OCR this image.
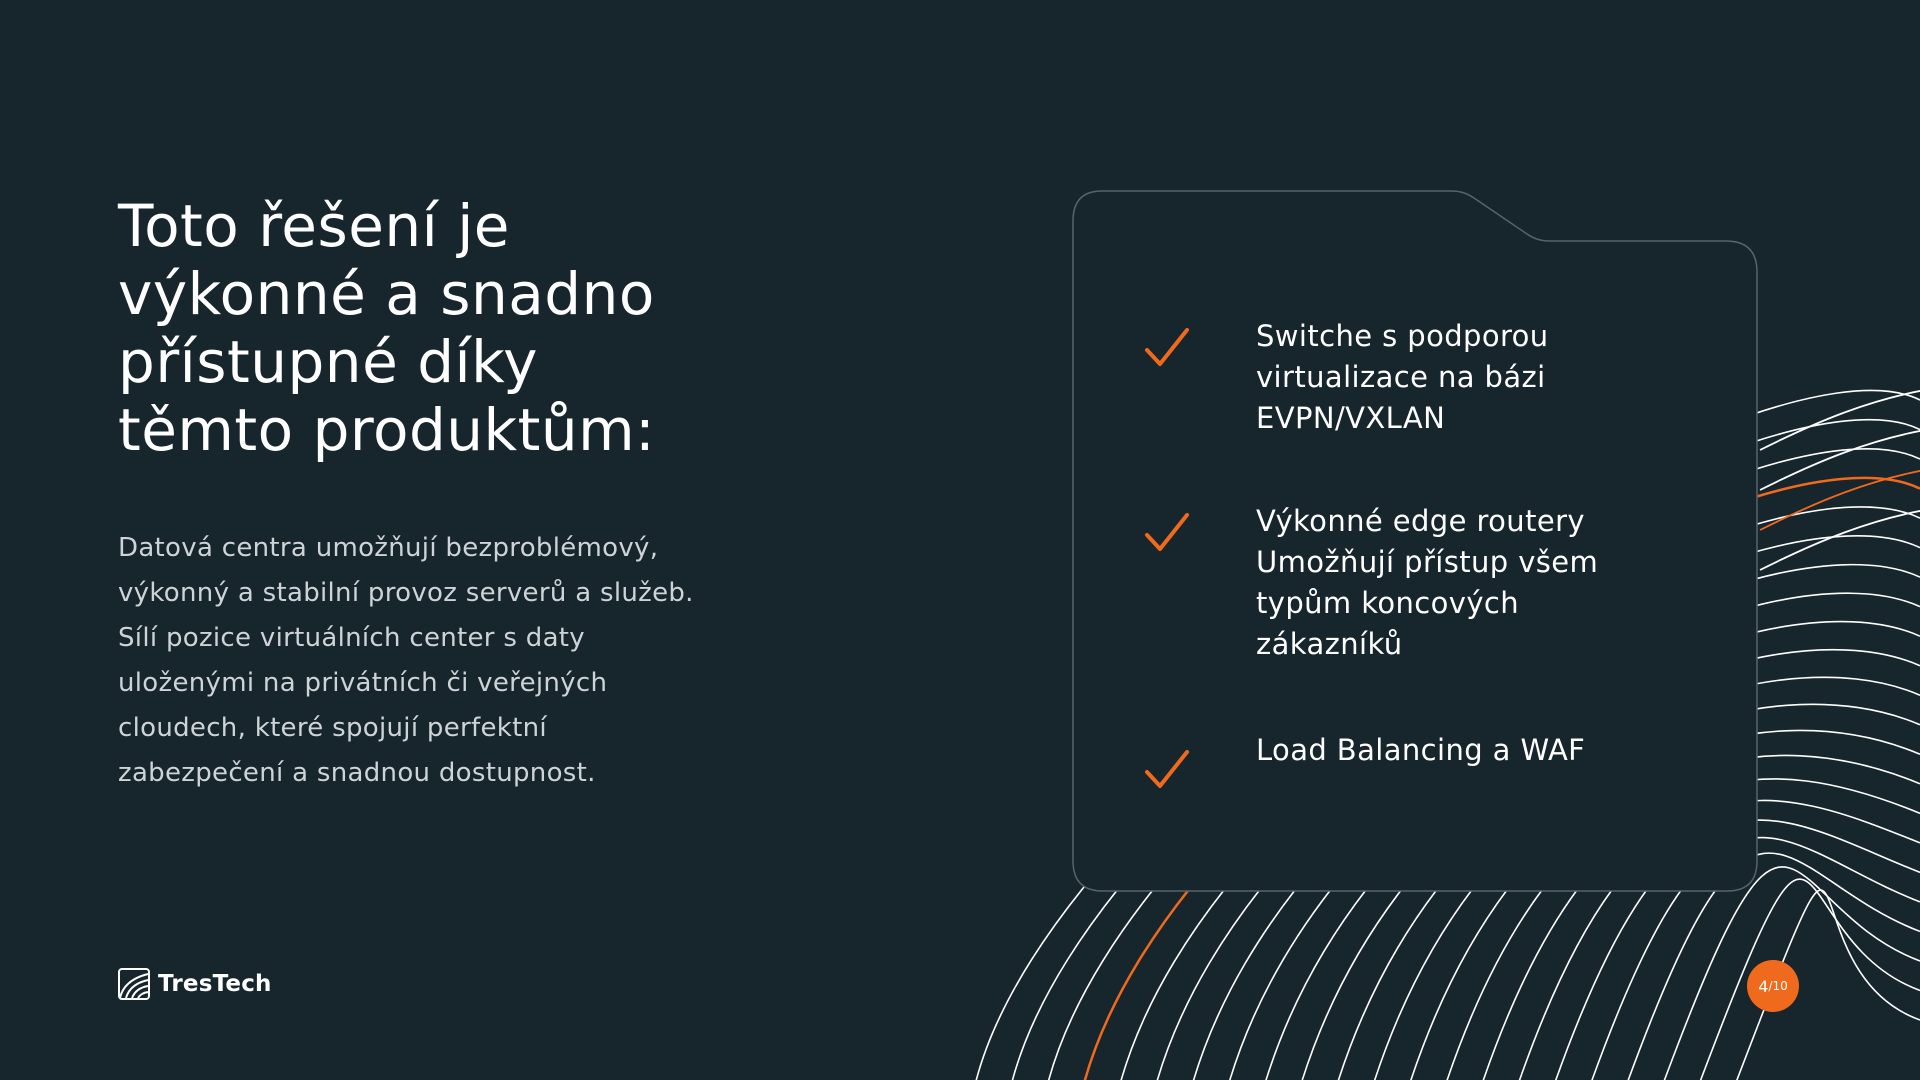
Toto řešení je
výkonné a snadno
přístupné díky
těmto produktům:

Datová centra umožňují bezproblémový,
výkonný a stabilní provoz serverů a služeb.
Sílí pozice virtuálních center s daty
uloženými na privátních či veřejných
cloudech, které spojují perfektní
zabezpečení a snadnou dostupnost.

Switche s podporou
virtualizace na bázi
EVPN/VXLAN
Výkonné edge routery
Umožňují přístup všem
typům koncových
zákazníků
Load Balancing a WAF
TresTech	4 /10
